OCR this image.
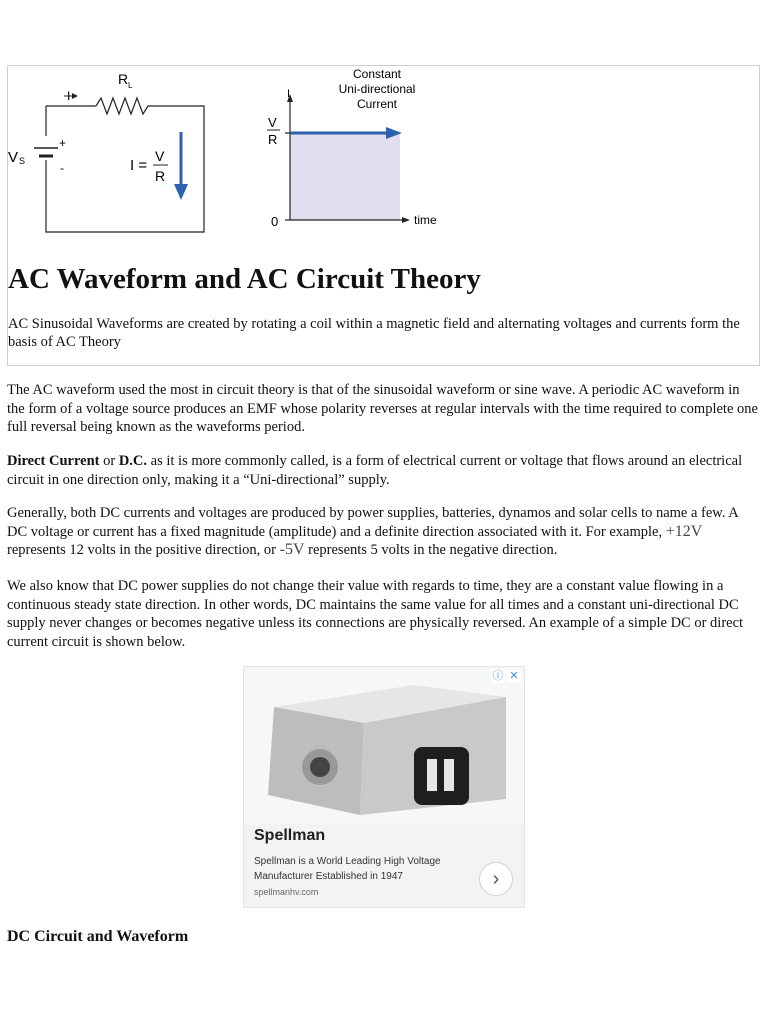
R L
I
V S
+
-	I =
V
R
I
V
R
0	time
Constant
Uni-directional
Current
AC Waveform and AC Circuit Theory

AC Sinusoidal Waveforms are created by rotating a coil within a magnetic field and alternating voltages and currents form the basis of AC Theory

The AC waveform used the most in circuit theory is that of the sinusoidal waveform or sine wave. A periodic AC waveform in the form of a voltage source produces an EMF whose polarity reverses at regular intervals with the time required to complete one full reversal being known as the waveforms period.

Direct Current or D.C. as it is more commonly called, is a form of electrical current or voltage that flows around an electrical circuit in one direction only, making it a “Uni-directional” supply.

Generally, both DC currents and voltages are produced by power supplies, batteries, dynamos and solar cells to name a few. A DC voltage or current has a fixed magnitude (amplitude) and a definite direction associated with it. For example, +12V represents 12 volts in the positive direction, or -5V represents 5 volts in the negative direction.

We also know that DC power supplies do not change their value with regards to time, they are a constant value flowing in a continuous steady state direction. In other words, DC maintains the same value for all times and a constant uni-directional DC supply never changes or becomes negative unless its connections are physically reversed. An example of a simple DC or direct current circuit is shown below.

ⓘ ✕
Spellman
Spellman is a World Leading High Voltage Manufacturer Established in 1947
spellmanhv.com
›
DC Circuit and Waveform
